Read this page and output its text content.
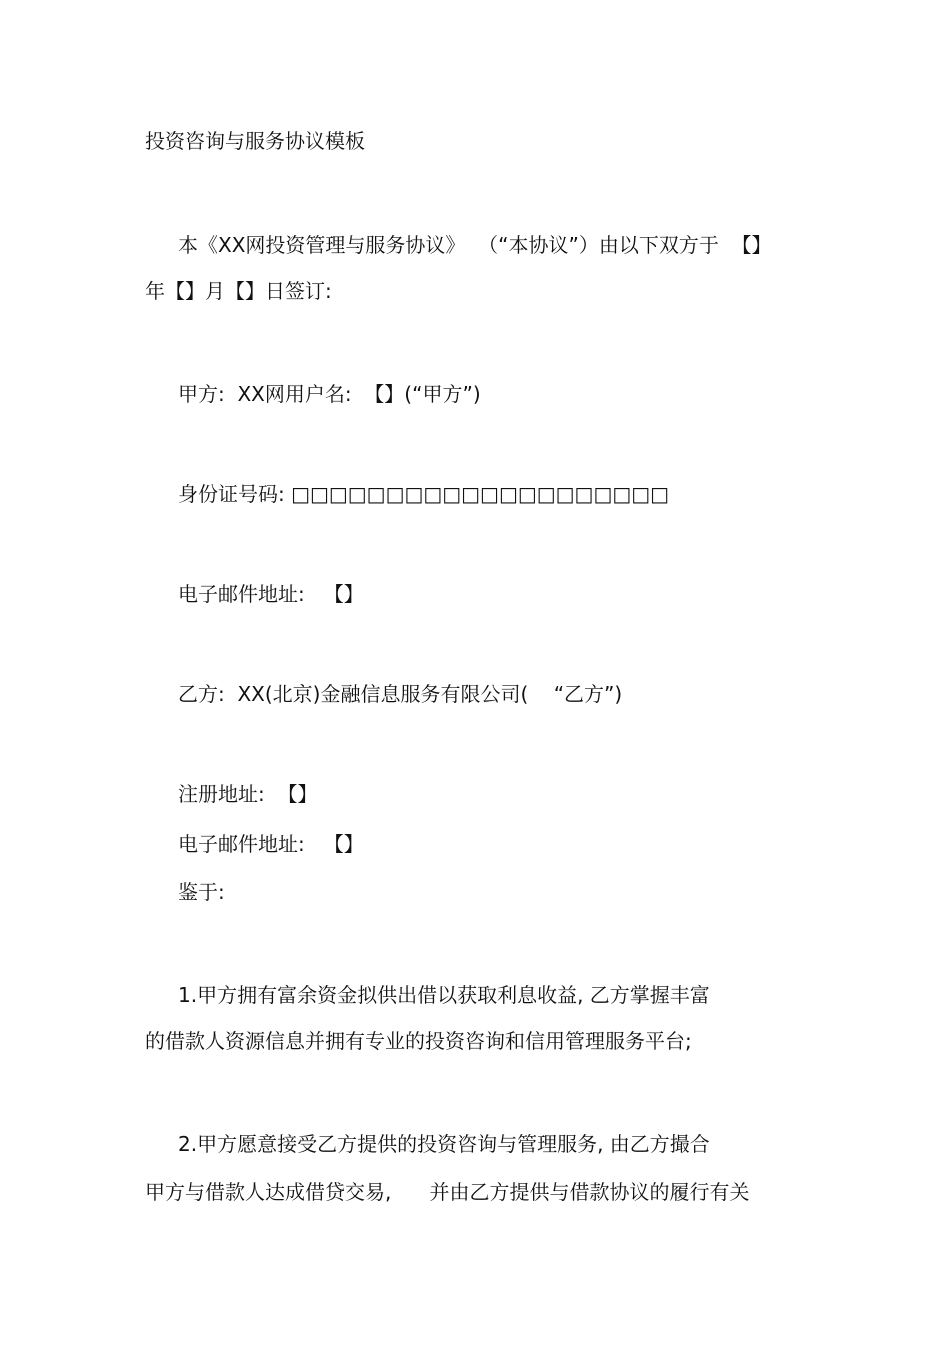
投资咨询与服务协议模板
本《XX网投资管理与服务协议》  （“本协议”）由以下双方于  【】
年【】月【】日签订:
甲方:  XX网用户名:  【】(“甲方”)
身份证号码: □□□□□□□□□□□□□□□□□□□□
电子邮件地址:   【】
乙方:  XX(北京)金融信息服务有限公司(    “乙方”)
注册地址:  【】
电子邮件地址:   【】
鉴于:
1.甲方拥有富余资金拟供出借以获取利息收益, 乙方掌握丰富
的借款人资源信息并拥有专业的投资咨询和信用管理服务平台;
2.甲方愿意接受乙方提供的投资咨询与管理服务, 由乙方撮合
甲方与借款人达成借贷交易,      并由乙方提供与借款协议的履行有关
